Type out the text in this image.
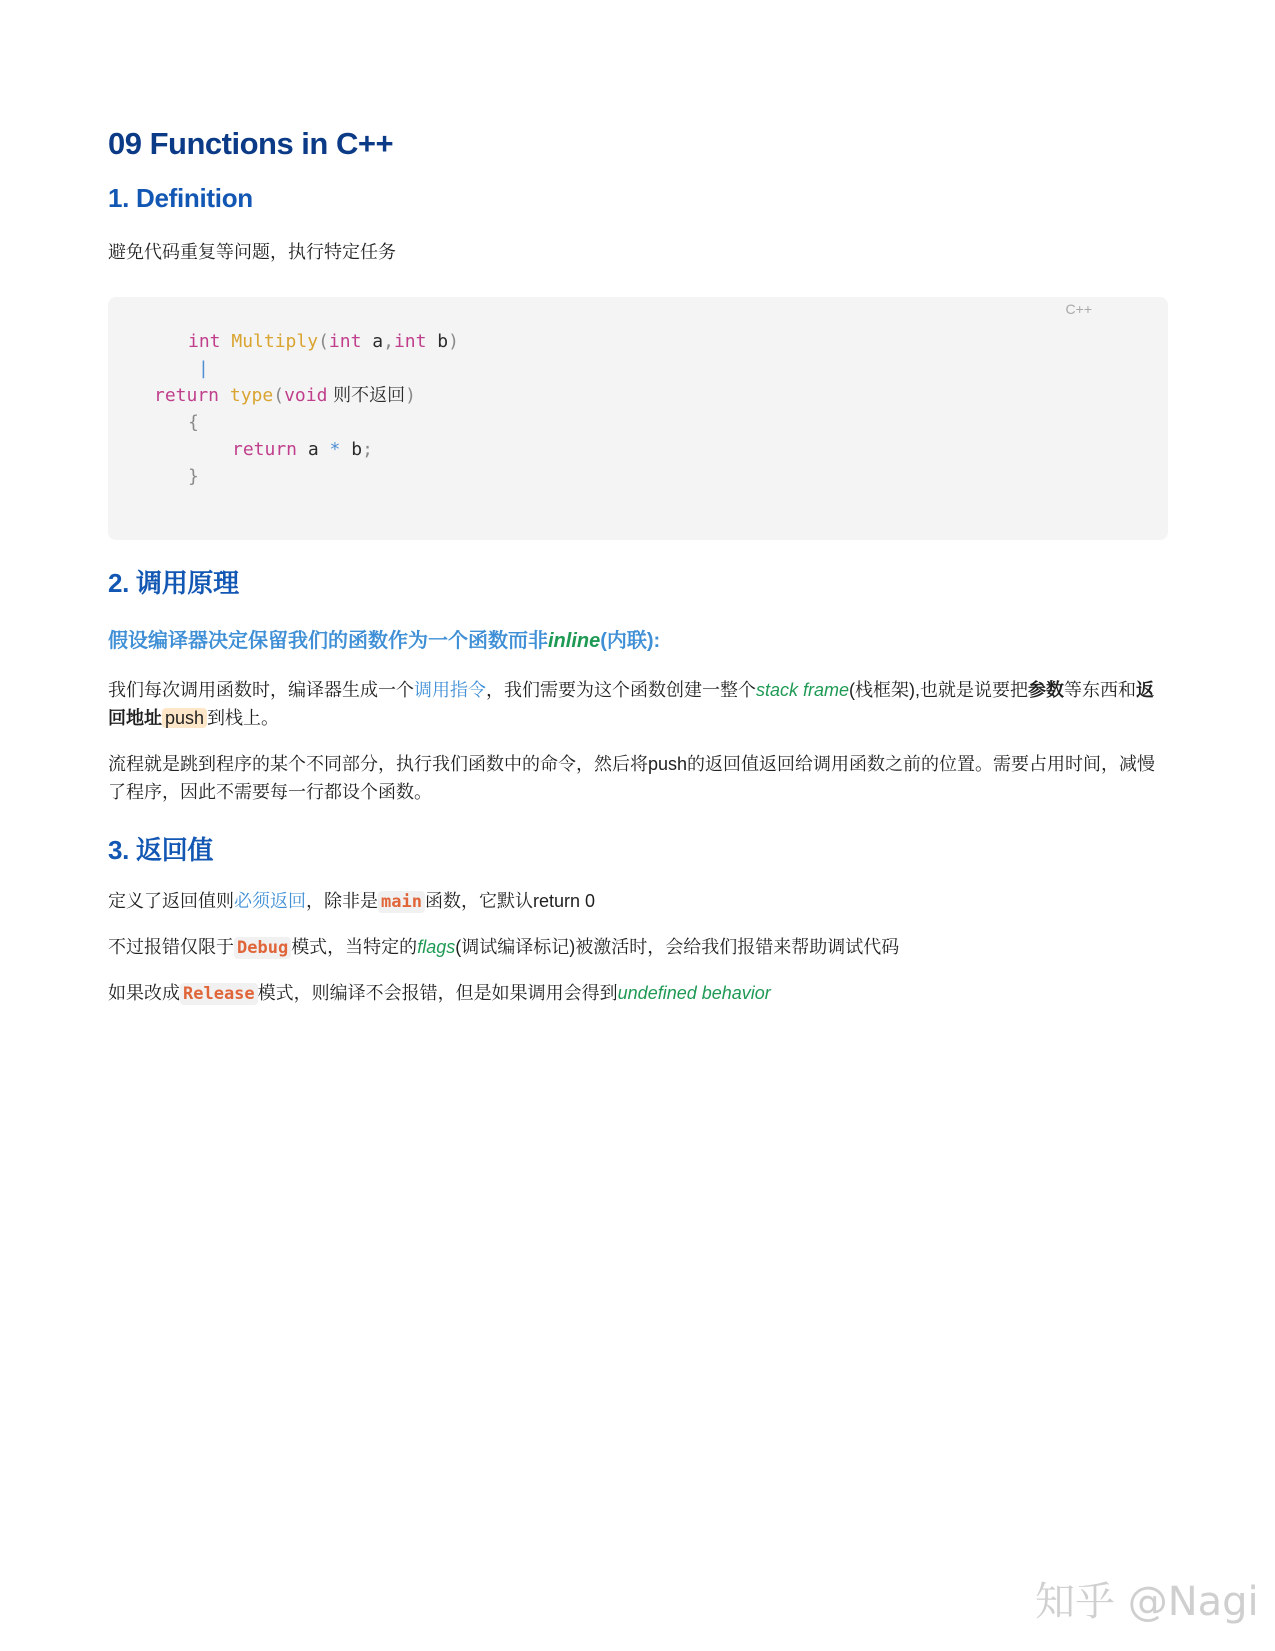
09 Functions in C++
1. Definition

避免代码重复等问题，执行特定任务

C++
int Multiply(int a,int b)
|
return type(void 则不返回)
{
return a * b;
}
2. 调用原理
假设编译器决定保留我们的函数作为一个函数而非inline(内联):

我们每次调用函数时，编译器生成一个调用指令，我们需要为这个函数创建一整个stack frame(栈框架),也就是说要把参数等东西和返回地址 push 到栈上。

流程就是跳到程序的某个不同部分，执行我们函数中的命令，然后将push的返回值返回给调用函数之前的位置。需要占用时间，减慢了程序，因此不需要每一行都设个函数。

3. 返回值

定义了返回值则必须返回，除非是 main 函数，它默认return 0

不过报错仅限于 Debug 模式，当特定的flags(调试编译标记)被激活时，会给我们报错来帮助调试代码

如果改成 Release 模式，则编译不会报错，但是如果调用会得到undefined behavior

知乎 @Nagi
